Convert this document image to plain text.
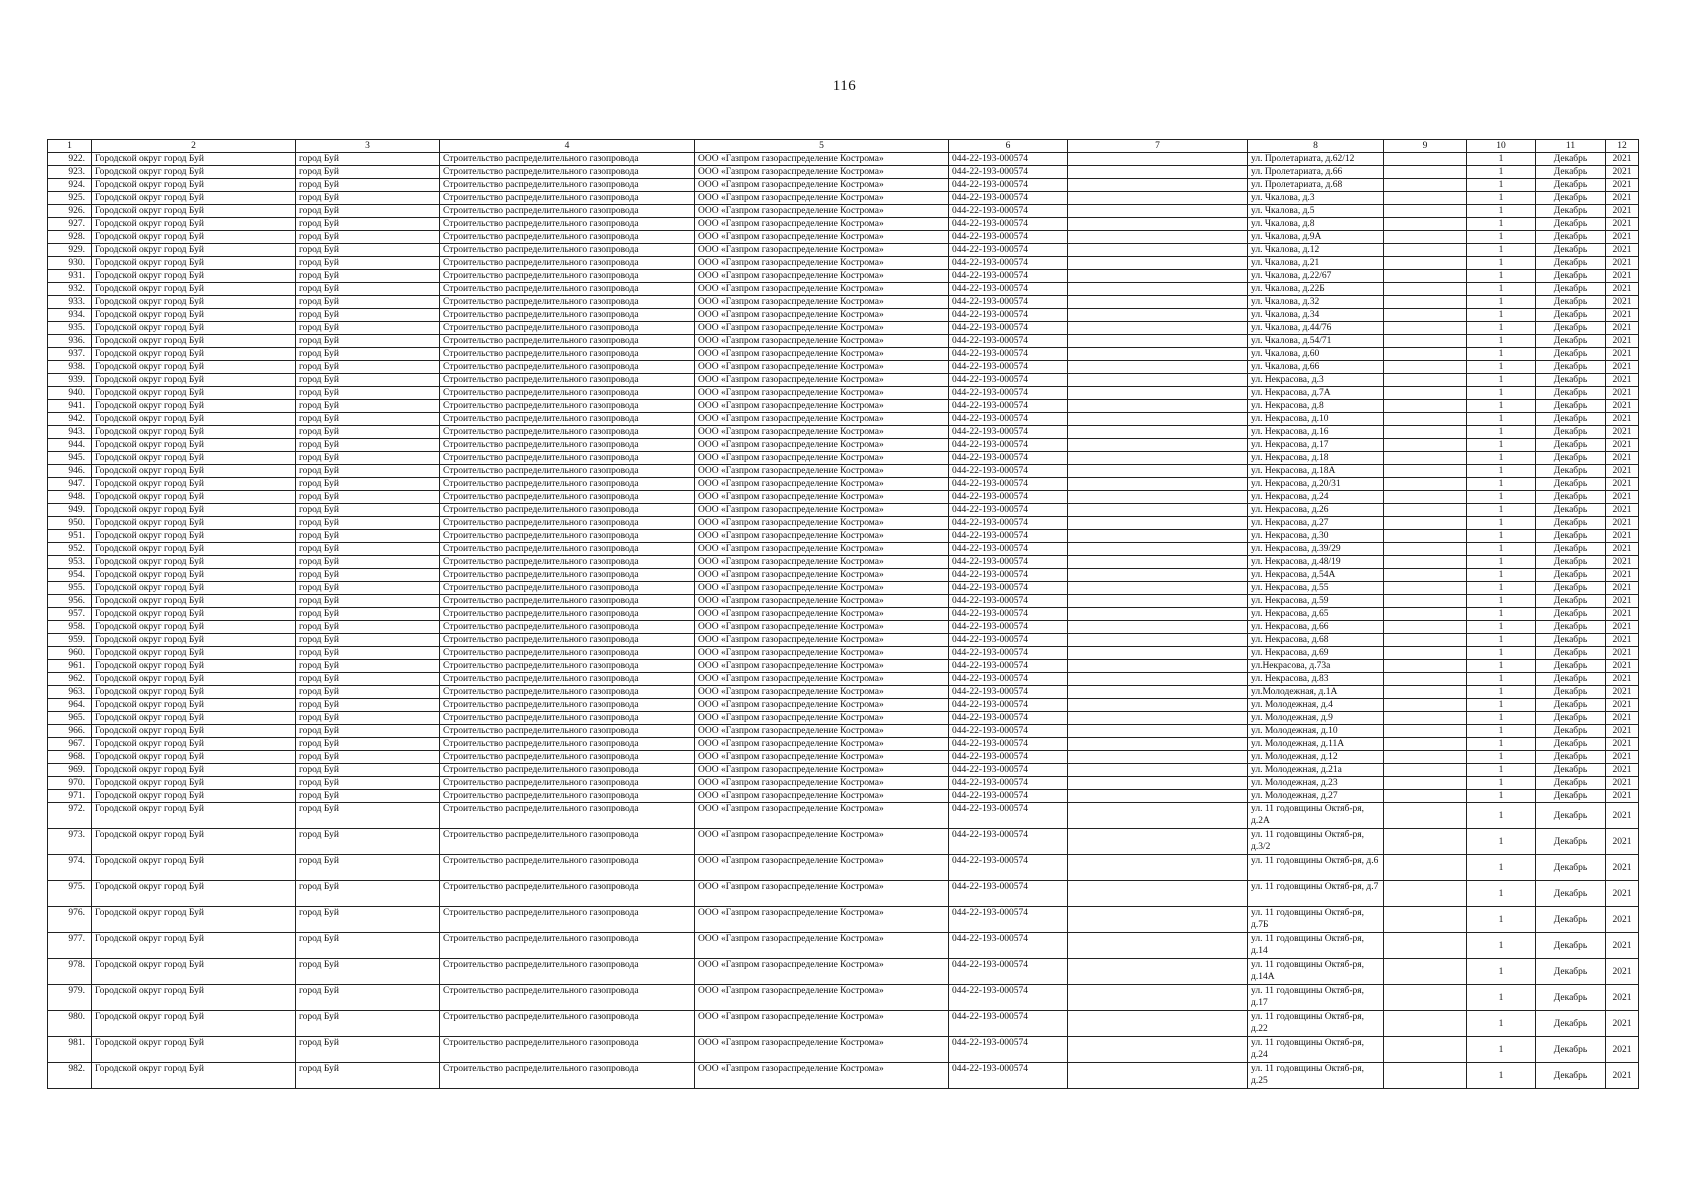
116
1	2	3	4	5	6	7	8	9	10	11	12
922.	Городской округ город Буй	город Буй	Строительство распределительного газопровода	ООО «Газпром газораспределение Кострома»	044-22-193-000574		ул. Пролетариата, д.62/12		1	Декабрь	2021
923.	Городской округ город Буй	город Буй	Строительство распределительного газопровода	ООО «Газпром газораспределение Кострома»	044-22-193-000574		ул. Пролетариата, д.66		1	Декабрь	2021
924.	Городской округ город Буй	город Буй	Строительство распределительного газопровода	ООО «Газпром газораспределение Кострома»	044-22-193-000574		ул. Пролетариата, д.68		1	Декабрь	2021
925.	Городской округ город Буй	город Буй	Строительство распределительного газопровода	ООО «Газпром газораспределение Кострома»	044-22-193-000574		ул. Чкалова, д.3		1	Декабрь	2021
926.	Городской округ город Буй	город Буй	Строительство распределительного газопровода	ООО «Газпром газораспределение Кострома»	044-22-193-000574		ул. Чкалова, д.5		1	Декабрь	2021
927.	Городской округ город Буй	город Буй	Строительство распределительного газопровода	ООО «Газпром газораспределение Кострома»	044-22-193-000574		ул. Чкалова, д.8		1	Декабрь	2021
928.	Городской округ город Буй	город Буй	Строительство распределительного газопровода	ООО «Газпром газораспределение Кострома»	044-22-193-000574		ул. Чкалова, д.9А		1	Декабрь	2021
929.	Городской округ город Буй	город Буй	Строительство распределительного газопровода	ООО «Газпром газораспределение Кострома»	044-22-193-000574		ул. Чкалова, д.12		1	Декабрь	2021
930.	Городской округ город Буй	город Буй	Строительство распределительного газопровода	ООО «Газпром газораспределение Кострома»	044-22-193-000574		ул. Чкалова, д.21		1	Декабрь	2021
931.	Городской округ город Буй	город Буй	Строительство распределительного газопровода	ООО «Газпром газораспределение Кострома»	044-22-193-000574		ул. Чкалова, д.22/67		1	Декабрь	2021
932.	Городской округ город Буй	город Буй	Строительство распределительного газопровода	ООО «Газпром газораспределение Кострома»	044-22-193-000574		ул. Чкалова, д.22Б		1	Декабрь	2021
933.	Городской округ город Буй	город Буй	Строительство распределительного газопровода	ООО «Газпром газораспределение Кострома»	044-22-193-000574		ул. Чкалова, д.32		1	Декабрь	2021
934.	Городской округ город Буй	город Буй	Строительство распределительного газопровода	ООО «Газпром газораспределение Кострома»	044-22-193-000574		ул. Чкалова, д.34		1	Декабрь	2021
935.	Городской округ город Буй	город Буй	Строительство распределительного газопровода	ООО «Газпром газораспределение Кострома»	044-22-193-000574		ул. Чкалова, д.44/76		1	Декабрь	2021
936.	Городской округ город Буй	город Буй	Строительство распределительного газопровода	ООО «Газпром газораспределение Кострома»	044-22-193-000574		ул. Чкалова, д.54/71		1	Декабрь	2021
937.	Городской округ город Буй	город Буй	Строительство распределительного газопровода	ООО «Газпром газораспределение Кострома»	044-22-193-000574		ул. Чкалова, д.60		1	Декабрь	2021
938.	Городской округ город Буй	город Буй	Строительство распределительного газопровода	ООО «Газпром газораспределение Кострома»	044-22-193-000574		ул. Чкалова, д.66		1	Декабрь	2021
939.	Городской округ город Буй	город Буй	Строительство распределительного газопровода	ООО «Газпром газораспределение Кострома»	044-22-193-000574		ул. Некрасова, д.3		1	Декабрь	2021
940.	Городской округ город Буй	город Буй	Строительство распределительного газопровода	ООО «Газпром газораспределение Кострома»	044-22-193-000574		ул. Некрасова, д.7А		1	Декабрь	2021
941.	Городской округ город Буй	город Буй	Строительство распределительного газопровода	ООО «Газпром газораспределение Кострома»	044-22-193-000574		ул. Некрасова, д.8		1	Декабрь	2021
942.	Городской округ город Буй	город Буй	Строительство распределительного газопровода	ООО «Газпром газораспределение Кострома»	044-22-193-000574		ул. Некрасова, д.10		1	Декабрь	2021
943.	Городской округ город Буй	город Буй	Строительство распределительного газопровода	ООО «Газпром газораспределение Кострома»	044-22-193-000574		ул. Некрасова, д.16		1	Декабрь	2021
944.	Городской округ город Буй	город Буй	Строительство распределительного газопровода	ООО «Газпром газораспределение Кострома»	044-22-193-000574		ул. Некрасова, д.17		1	Декабрь	2021
945.	Городской округ город Буй	город Буй	Строительство распределительного газопровода	ООО «Газпром газораспределение Кострома»	044-22-193-000574		ул. Некрасова, д.18		1	Декабрь	2021
946.	Городской округ город Буй	город Буй	Строительство распределительного газопровода	ООО «Газпром газораспределение Кострома»	044-22-193-000574		ул. Некрасова, д.18А		1	Декабрь	2021
947.	Городской округ город Буй	город Буй	Строительство распределительного газопровода	ООО «Газпром газораспределение Кострома»	044-22-193-000574		ул. Некрасова, д.20/31		1	Декабрь	2021
948.	Городской округ город Буй	город Буй	Строительство распределительного газопровода	ООО «Газпром газораспределение Кострома»	044-22-193-000574		ул. Некрасова, д.24		1	Декабрь	2021
949.	Городской округ город Буй	город Буй	Строительство распределительного газопровода	ООО «Газпром газораспределение Кострома»	044-22-193-000574		ул. Некрасова, д.26		1	Декабрь	2021
950.	Городской округ город Буй	город Буй	Строительство распределительного газопровода	ООО «Газпром газораспределение Кострома»	044-22-193-000574		ул. Некрасова, д.27		1	Декабрь	2021
951.	Городской округ город Буй	город Буй	Строительство распределительного газопровода	ООО «Газпром газораспределение Кострома»	044-22-193-000574		ул. Некрасова, д.30		1	Декабрь	2021
952.	Городской округ город Буй	город Буй	Строительство распределительного газопровода	ООО «Газпром газораспределение Кострома»	044-22-193-000574		ул. Некрасова, д.39/29		1	Декабрь	2021
953.	Городской округ город Буй	город Буй	Строительство распределительного газопровода	ООО «Газпром газораспределение Кострома»	044-22-193-000574		ул. Некрасова, д.48/19		1	Декабрь	2021
954.	Городской округ город Буй	город Буй	Строительство распределительного газопровода	ООО «Газпром газораспределение Кострома»	044-22-193-000574		ул. Некрасова, д.54А		1	Декабрь	2021
955.	Городской округ город Буй	город Буй	Строительство распределительного газопровода	ООО «Газпром газораспределение Кострома»	044-22-193-000574		ул. Некрасова, д.55		1	Декабрь	2021
956.	Городской округ город Буй	город Буй	Строительство распределительного газопровода	ООО «Газпром газораспределение Кострома»	044-22-193-000574		ул. Некрасова, д.59		1	Декабрь	2021
957.	Городской округ город Буй	город Буй	Строительство распределительного газопровода	ООО «Газпром газораспределение Кострома»	044-22-193-000574		ул. Некрасова, д.65		1	Декабрь	2021
958.	Городской округ город Буй	город Буй	Строительство распределительного газопровода	ООО «Газпром газораспределение Кострома»	044-22-193-000574		ул. Некрасова, д.66		1	Декабрь	2021
959.	Городской округ город Буй	город Буй	Строительство распределительного газопровода	ООО «Газпром газораспределение Кострома»	044-22-193-000574		ул. Некрасова, д.68		1	Декабрь	2021
960.	Городской округ город Буй	город Буй	Строительство распределительного газопровода	ООО «Газпром газораспределение Кострома»	044-22-193-000574		ул. Некрасова, д.69		1	Декабрь	2021
961.	Городской округ город Буй	город Буй	Строительство распределительного газопровода	ООО «Газпром газораспределение Кострома»	044-22-193-000574		ул.Некрасова, д.73а		1	Декабрь	2021
962.	Городской округ город Буй	город Буй	Строительство распределительного газопровода	ООО «Газпром газораспределение Кострома»	044-22-193-000574		ул. Некрасова, д.83		1	Декабрь	2021
963.	Городской округ город Буй	город Буй	Строительство распределительного газопровода	ООО «Газпром газораспределение Кострома»	044-22-193-000574		ул.Молодежная, д.1А		1	Декабрь	2021
964.	Городской округ город Буй	город Буй	Строительство распределительного газопровода	ООО «Газпром газораспределение Кострома»	044-22-193-000574		ул. Молодежная, д.4		1	Декабрь	2021
965.	Городской округ город Буй	город Буй	Строительство распределительного газопровода	ООО «Газпром газораспределение Кострома»	044-22-193-000574		ул. Молодежная, д.9		1	Декабрь	2021
966.	Городской округ город Буй	город Буй	Строительство распределительного газопровода	ООО «Газпром газораспределение Кострома»	044-22-193-000574		ул. Молодежная, д.10		1	Декабрь	2021
967.	Городской округ город Буй	город Буй	Строительство распределительного газопровода	ООО «Газпром газораспределение Кострома»	044-22-193-000574		ул. Молодежная, д.11А		1	Декабрь	2021
968.	Городской округ город Буй	город Буй	Строительство распределительного газопровода	ООО «Газпром газораспределение Кострома»	044-22-193-000574		ул. Молодежная, д.12		1	Декабрь	2021
969.	Городской округ город Буй	город Буй	Строительство распределительного газопровода	ООО «Газпром газораспределение Кострома»	044-22-193-000574		ул. Молодежная, д.21а		1	Декабрь	2021
970.	Городской округ город Буй	город Буй	Строительство распределительного газопровода	ООО «Газпром газораспределение Кострома»	044-22-193-000574		ул. Молодежная, д.23		1	Декабрь	2021
971.	Городской округ город Буй	город Буй	Строительство распределительного газопровода	ООО «Газпром газораспределение Кострома»	044-22-193-000574		ул. Молодежная, д.27		1	Декабрь	2021
972.	Городской округ город Буй	город Буй	Строительство распределительного газопровода	ООО «Газпром газораспределение Кострома»	044-22-193-000574		ул. 11 годовщины Октяб-ря, д.2А		1	Декабрь	2021
973.	Городской округ город Буй	город Буй	Строительство распределительного газопровода	ООО «Газпром газораспределение Кострома»	044-22-193-000574		ул. 11 годовщины Октяб-ря, д.3/2		1	Декабрь	2021
974.	Городской округ город Буй	город Буй	Строительство распределительного газопровода	ООО «Газпром газораспределение Кострома»	044-22-193-000574		ул. 11 годовщины Октяб-ря, д.6		1	Декабрь	2021
975.	Городской округ город Буй	город Буй	Строительство распределительного газопровода	ООО «Газпром газораспределение Кострома»	044-22-193-000574		ул. 11 годовщины Октяб-ря, д.7		1	Декабрь	2021
976.	Городской округ город Буй	город Буй	Строительство распределительного газопровода	ООО «Газпром газораспределение Кострома»	044-22-193-000574		ул. 11 годовщины Октяб-ря, д.7Б		1	Декабрь	2021
977.	Городской округ город Буй	город Буй	Строительство распределительного газопровода	ООО «Газпром газораспределение Кострома»	044-22-193-000574		ул. 11 годовщины Октяб-ря, д.14		1	Декабрь	2021
978.	Городской округ город Буй	город Буй	Строительство распределительного газопровода	ООО «Газпром газораспределение Кострома»	044-22-193-000574		ул. 11 годовщины Октяб-ря, д.14А		1	Декабрь	2021
979.	Городской округ город Буй	город Буй	Строительство распределительного газопровода	ООО «Газпром газораспределение Кострома»	044-22-193-000574		ул. 11 годовщины Октяб-ря, д.17		1	Декабрь	2021
980.	Городской округ город Буй	город Буй	Строительство распределительного газопровода	ООО «Газпром газораспределение Кострома»	044-22-193-000574		ул. 11 годовщины Октяб-ря, д.22		1	Декабрь	2021
981.	Городской округ город Буй	город Буй	Строительство распределительного газопровода	ООО «Газпром газораспределение Кострома»	044-22-193-000574		ул. 11 годовщины Октяб-ря, д.24		1	Декабрь	2021
982.	Городской округ город Буй	город Буй	Строительство распределительного газопровода	ООО «Газпром газораспределение Кострома»	044-22-193-000574		ул. 11 годовщины Октяб-ря, д.25		1	Декабрь	2021
